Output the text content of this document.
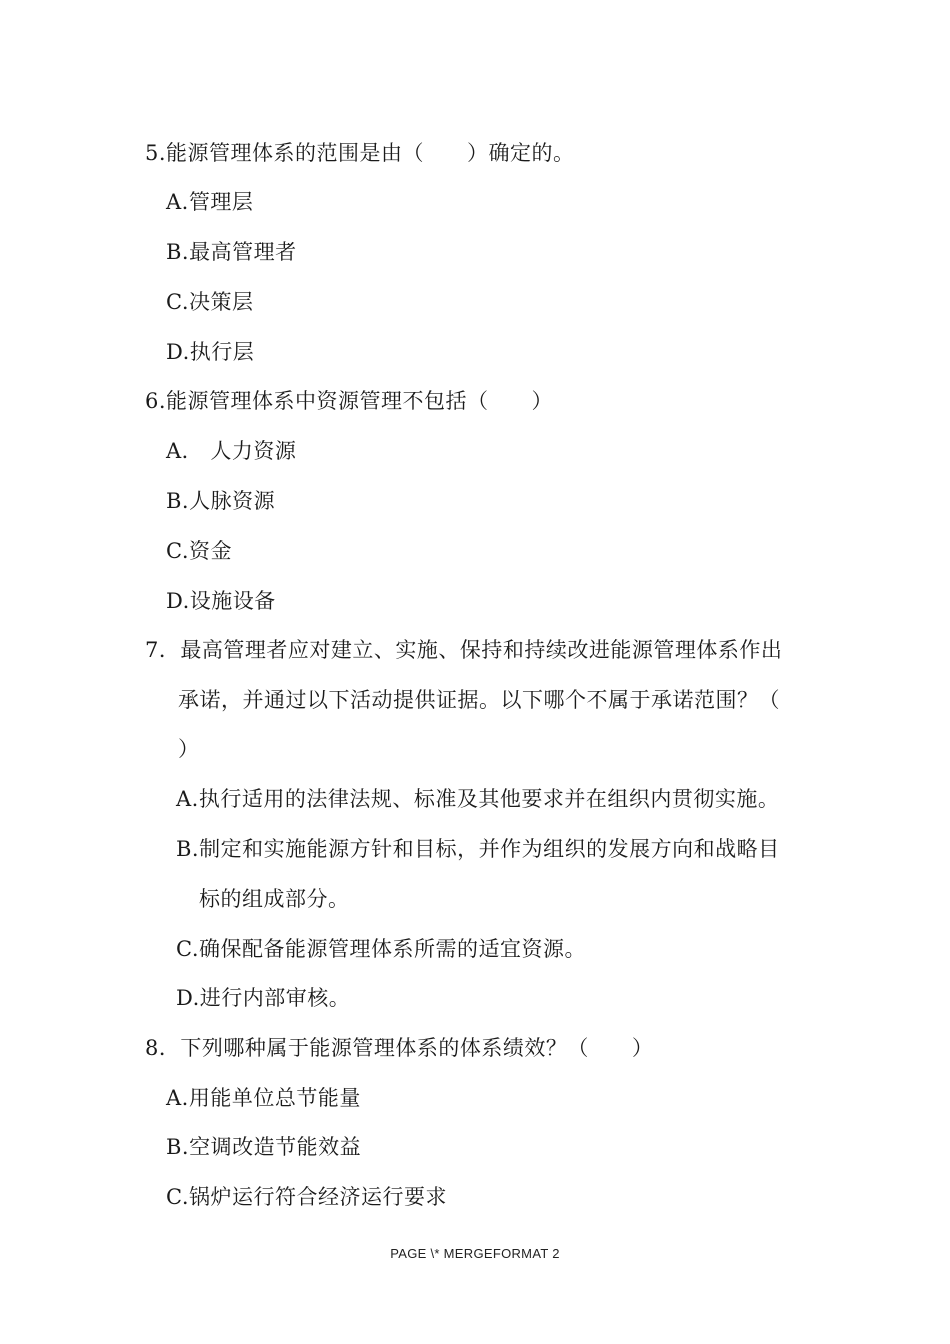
5.能源管理体系的范围是由（　　）确定的。
A.管理层
B.最高管理者
C.决策层
D.执行层
6.能源管理体系中资源管理不包括（　　）
A． 人力资源
B.人脉资源
C.资金
D.设施设备
7．最高管理者应对建立、实施、保持和持续改进能源管理体系作出
承诺，并通过以下活动提供证据。以下哪个不属于承诺范围？（
）
A.执行适用的法律法规、标准及其他要求并在组织内贯彻实施。
B.制定和实施能源方针和目标，并作为组织的发展方向和战略目
标的组成部分。
C.确保配备能源管理体系所需的适宜资源。
D.进行内部审核。
8．下列哪种属于能源管理体系的体系绩效？（　　）
A.用能单位总节能量
B.空调改造节能效益
C.锅炉运行符合经济运行要求
PAGE \* MERGEFORMAT 2
